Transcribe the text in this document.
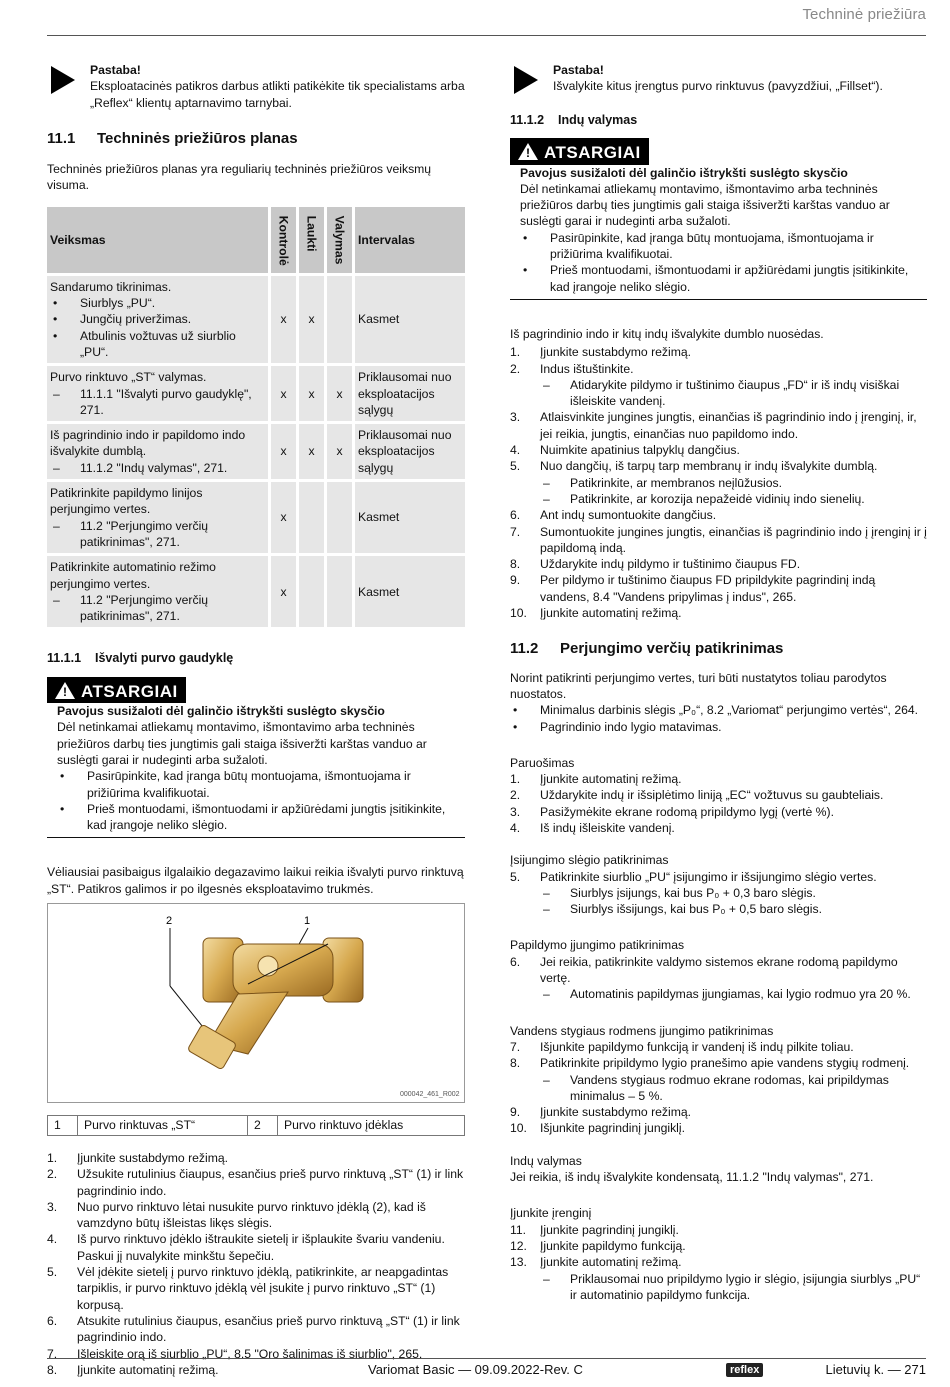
Techninė priežiūra
Pastaba!
Eksploatacinės patikros darbus atlikti patikėkite tik specialistams arba „Reflex“ klientų aptarnavimo tarnybai.
11.1	Techninės priežiūros planas

Techninės priežiūros planas yra reguliarių techninės priežiūros veiksmų visuma.

Veiksmas	Kontrolė	Laukti	Valymas	Intervalas

Sandarumo tikrinimas.
• Siurblys „PU“.
• Jungčių priveržimas.
• Atbulinis vožtuvas už siurblio „PU“.	x	x		Kasmet

Purvo rinktuvo „ST“ valymas.
– 11.1.1 "Išvalyti purvo gaudyklę", 271.	x	x	x	Priklausomai nuo eksploatacijos sąlygų

Iš pagrindinio indo ir papildomo indo išvalykite dumblą.
– 11.1.2 "Indų valymas", 271.	x	x	x	Priklausomai nuo eksploatacijos sąlygų

Patikrinkite papildymo linijos perjungimo vertes.
– 11.2 "Perjungimo verčių patikrinimas", 271.	x			Kasmet

Patikrinkite automatinio režimo perjungimo vertes.
– 11.2 "Perjungimo verčių patikrinimas", 271.	x			Kasmet
11.1.1	Išvalyti purvo gaudyklę
!ATSARGIAI
Pavojus susižaloti dėl galinčio ištrykšti suslėgto skysčio
Dėl netinkamai atliekamų montavimo, išmontavimo arba techninės priežiūros darbų ties jungtimis gali staiga išsiveržti karštas vanduo ar suslėgti garai ir nudeginti arba sužaloti.
• Pasirūpinkite, kad įranga būtų montuojama, išmontuojama ir prižiūrima kvalifikuotai.
• Prieš montuodami, išmontuodami ir apžiūrėdami jungtis įsitikinkite, kad įrangoje neliko slėgio.

Vėliausiai pasibaigus ilgalaikio degazavimo laikui reikia išvalyti purvo rinktuvą „ST“. Patikros galimos ir po ilgesnės eksploatavimo trukmės.

2	1
000042_461_R002
1	Purvo rinktuvas „ST“	2	Purvo rinktuvo įdėklas
1. Įjunkite sustabdymo režimą.
2. Užsukite rutulinius čiaupus, esančius prieš purvo rinktuvą „ST“ (1) ir link pagrindinio indo.
3. Nuo purvo rinktuvo lėtai nusukite purvo rinktuvo įdėklą (2), kad iš vamzdyno būtų išleistas likęs slėgis.
4. Iš purvo rinktuvo įdėklo ištraukite sietelį ir išplaukite švariu vandeniu. Paskui jį nuvalykite minkštu šepečiu.
5. Vėl įdėkite sietelį į purvo rinktuvo įdėklą, patikrinkite, ar neapgadintas tarpiklis, ir purvo rinktuvo įdėklą vėl įsukite į purvo rinktuvo „ST“ (1) korpusą.
6. Atsukite rutulinius čiaupus, esančius prieš purvo rinktuvą „ST“ (1) ir link pagrindinio indo.
7. Išleiskite orą iš siurblio „PU“, 8.5 "Oro šalinimas iš siurblio", 265.
8. Įjunkite automatinį režimą.
Pastaba!
Išvalykite kitus įrengtus purvo rinktuvus (pavyzdžiui, „Fillset“).
11.1.2	Indų valymas
!ATSARGIAI
Pavojus susižaloti dėl galinčio ištrykšti suslėgto skysčio
Dėl netinkamai atliekamų montavimo, išmontavimo arba techninės priežiūros darbų ties jungtimis gali staiga išsiveržti karštas vanduo ar suslėgti garai ir nudeginti arba sužaloti.
• Pasirūpinkite, kad įranga būtų montuojama, išmontuojama ir prižiūrima kvalifikuotai.
• Prieš montuodami, išmontuodami ir apžiūrėdami jungtis įsitikinkite, kad įrangoje neliko slėgio.

Iš pagrindinio indo ir kitų indų išvalykite dumblo nuosėdas.

1. Įjunkite sustabdymo režimą.
2. Indus ištuštinkite.
– Atidarykite pildymo ir tuštinimo čiaupus „FD“ ir iš indų visiškai išleiskite vandenį.
3. Atlaisvinkite jungines jungtis, einančias iš pagrindinio indo į įrenginį, ir, jei reikia, jungtis, einančias nuo papildomo indo.
4. Nuimkite apatinius talpyklų dangčius.
5. Nuo dangčių, iš tarpų tarp membranų ir indų išvalykite dumblą.
– Patikrinkite, ar membranos neįlūžusios.
– Patikrinkite, ar korozija nepažeidė vidinių indo sienelių.
6. Ant indų sumontuokite dangčius.
7. Sumontuokite jungines jungtis, einančias iš pagrindinio indo į įrenginį ir į papildomą indą.
8. Uždarykite indų pildymo ir tuštinimo čiaupus FD.
9. Per pildymo ir tuštinimo čiaupus FD pripildykite pagrindinį indą vandens, 8.4 "Vandens pripylimas į indus", 265.
10. Įjunkite automatinį režimą.
11.2	Perjungimo verčių patikrinimas

Norint patikrinti perjungimo vertes, turi būti nustatytos toliau parodytos nuostatos.

• Minimalus darbinis slėgis „P₀“, 8.2 „Variomat“ perjungimo vertės“, 264.
• Pagrindinio indo lygio matavimas.
Paruošimas
1. Įjunkite automatinį režimą.
2. Uždarykite indų ir išsiplėtimo liniją „EC“ vožtuvus su gaubteliais.
3. Pasižymėkite ekrane rodomą pripildymo lygį (vertė %).
4. Iš indų išleiskite vandenį.
Įsijungimo slėgio patikrinimas
5. Patikrinkite siurblio „PU“ įsijungimo ir išsijungimo slėgio vertes.
– Siurblys įsijungs, kai bus P₀ + 0,3 baro slėgis.
– Siurblys išsijungs, kai bus P₀ + 0,5 baro slėgis.
Papildymo įjungimo patikrinimas
6. Jei reikia, patikrinkite valdymo sistemos ekrane rodomą papildymo vertę.
– Automatinis papildymas įjungiamas, kai lygio rodmuo yra 20 %.
Vandens stygiaus rodmens įjungimo patikrinimas
7. Išjunkite papildymo funkciją ir vandenį iš indų pilkite toliau.
8. Patikrinkite pripildymo lygio pranešimo apie vandens stygių rodmenį.
– Vandens stygiaus rodmuo ekrane rodomas, kai pripildymas minimalus – 5 %.
9. Įjunkite sustabdymo režimą.
10. Išjunkite pagrindinį jungiklį.
Indų valymas
Jei reikia, iš indų išvalykite kondensatą, 11.1.2 "Indų valymas", 271.
Įjunkite įrenginį
11. Įjunkite pagrindinį jungiklį.
12. Įjunkite papildymo funkciją.
13. Įjunkite automatinį režimą.
– Priklausomai nuo pripildymo lygio ir slėgio, įsijungia siurblys „PU“ ir automatinio papildymo funkcija.
Variomat Basic — 09.09.2022-Rev. C	reflex	Lietuvių k. — 271
